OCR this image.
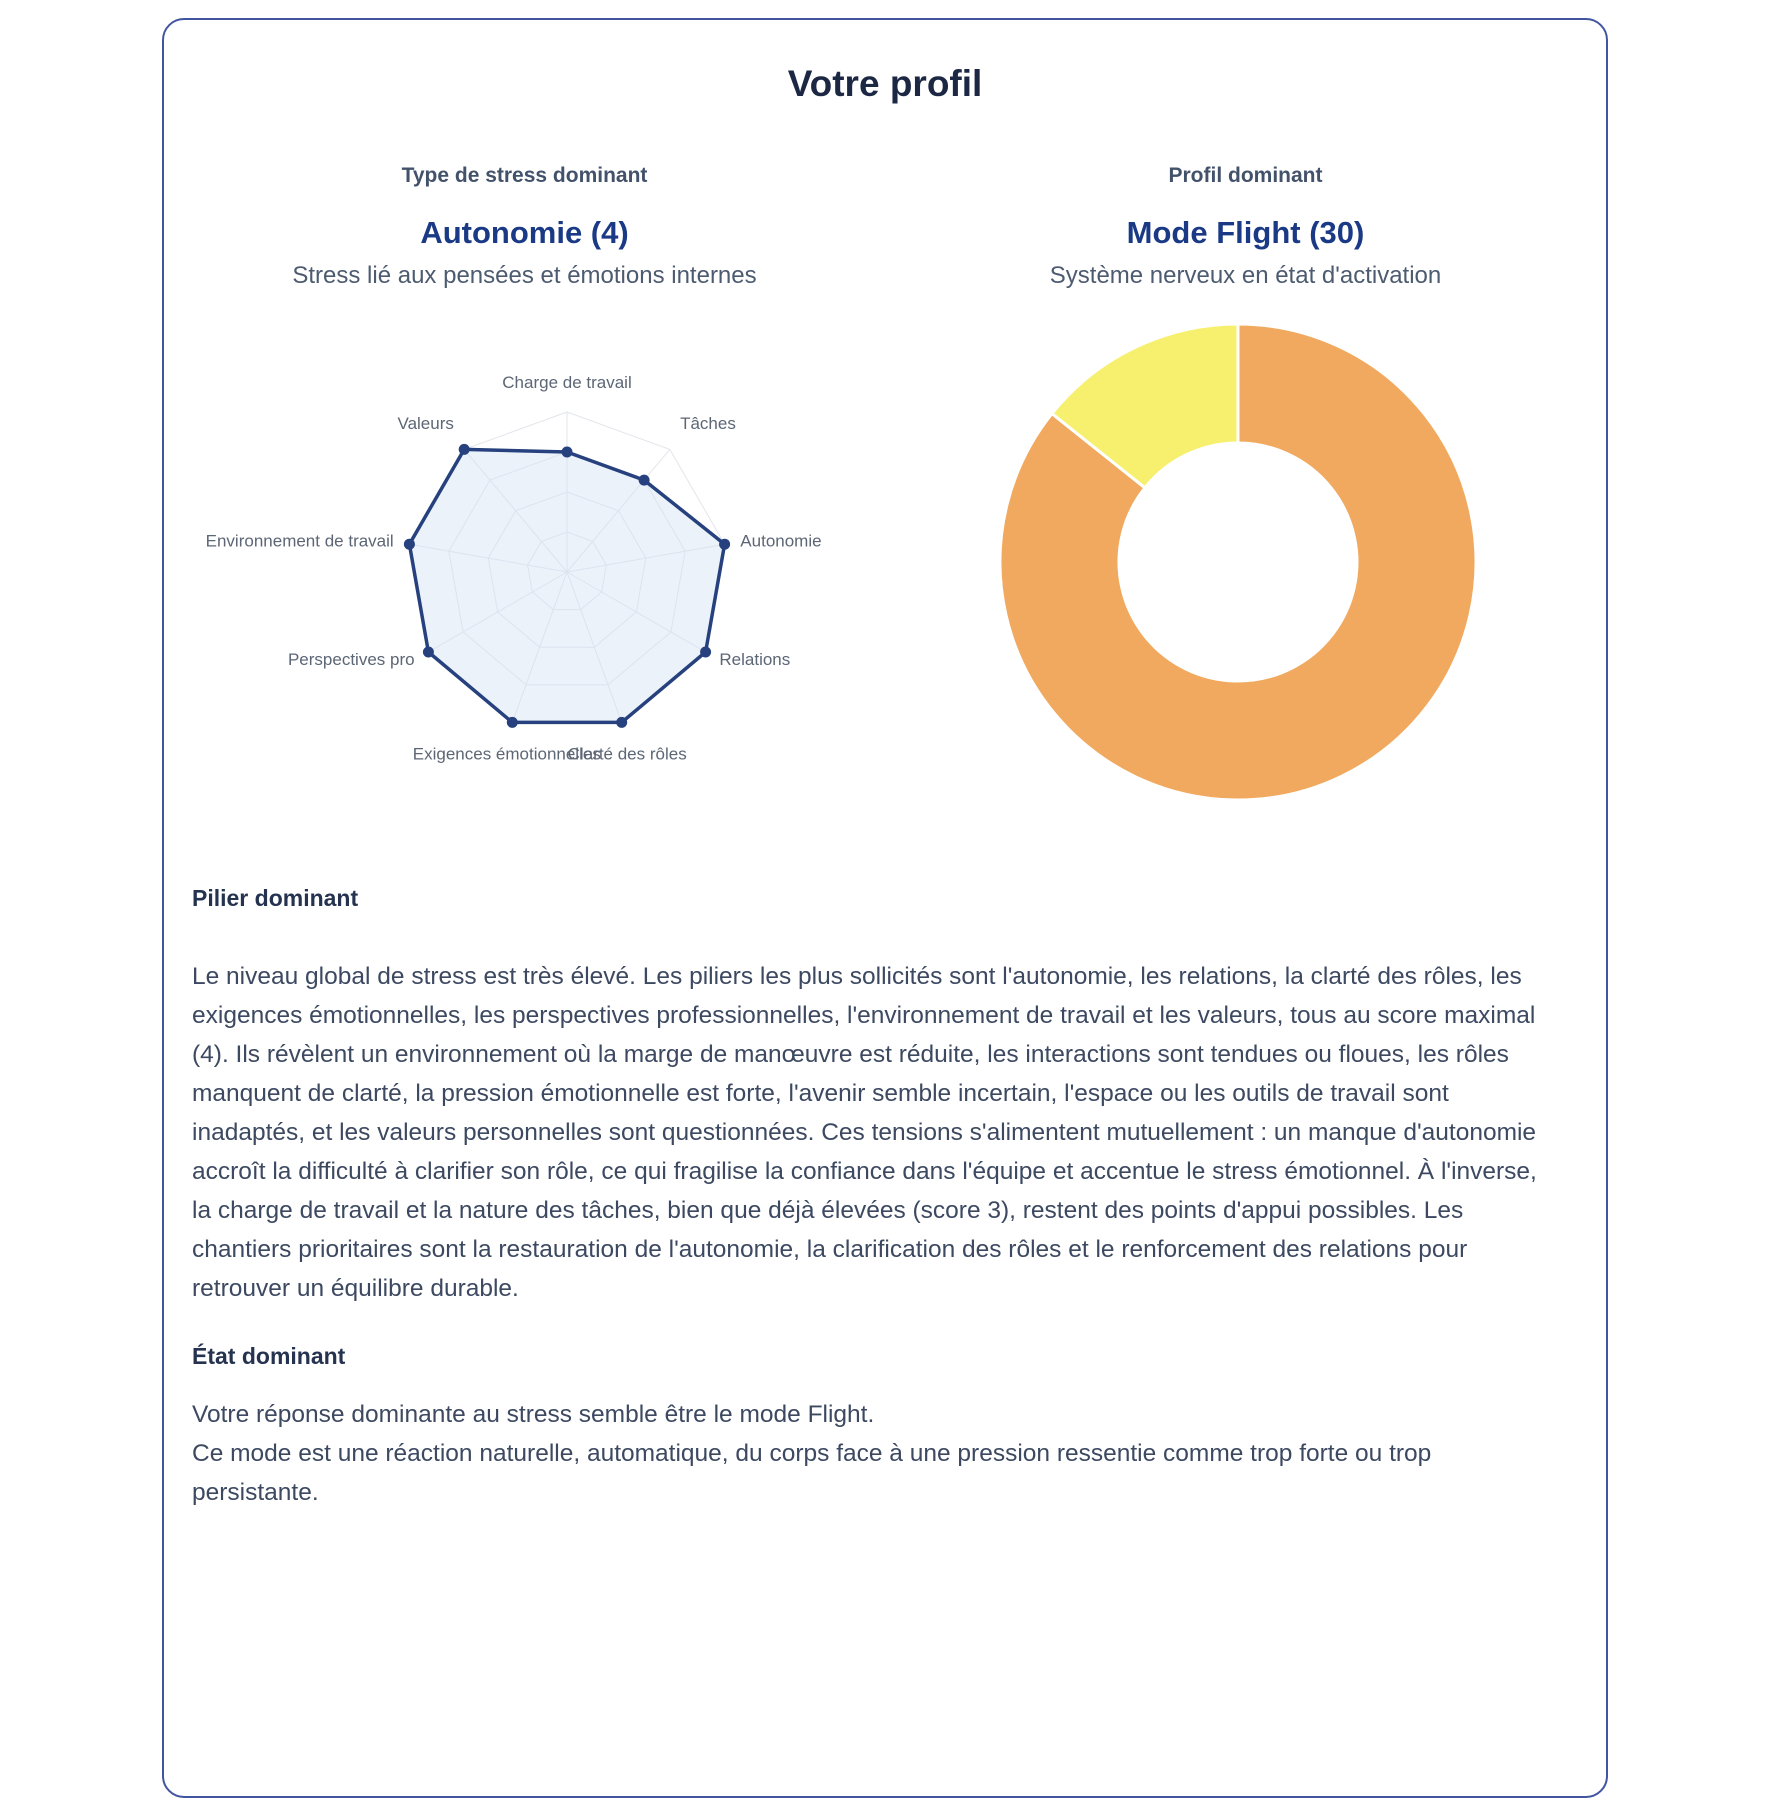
Votre profil
Type de stress dominant
Autonomie (4)
Stress lié aux pensées et émotions internes
Charge de travail
Tâches
Autonomie
Relations
Clarté des rôles
Exigences émotionnelles
Perspectives pro
Environnement de travail
Valeurs
Profil dominant
Mode Flight (30)
Système nerveux en état d'activation
Pilier dominant

Le niveau global de stress est très élevé. Les piliers les plus sollicités sont l'autonomie, les relations, la clarté des rôles, les exigences émotionnelles, les perspectives professionnelles, l'environnement de travail et les valeurs, tous au score maximal (4). Ils révèlent un environnement où la marge de manœuvre est réduite, les interactions sont tendues ou floues, les rôles manquent de clarté, la pression émotionnelle est forte, l'avenir semble incertain, l'espace ou les outils de travail sont inadaptés, et les valeurs personnelles sont questionnées. Ces tensions s'alimentent mutuellement : un manque d'autonomie accroît la difficulté à clarifier son rôle, ce qui fragilise la confiance dans l'équipe et accentue le stress émotionnel. À l'inverse, la charge de travail et la nature des tâches, bien que déjà élevées (score 3), restent des points d'appui possibles. Les chantiers prioritaires sont la restauration de l'autonomie, la clarification des rôles et le renforcement des relations pour retrouver un équilibre durable.

État dominant

Votre réponse dominante au stress semble être le mode Flight.

Ce mode est une réaction naturelle, automatique, du corps face à une pression ressentie comme trop forte ou trop persistante.
